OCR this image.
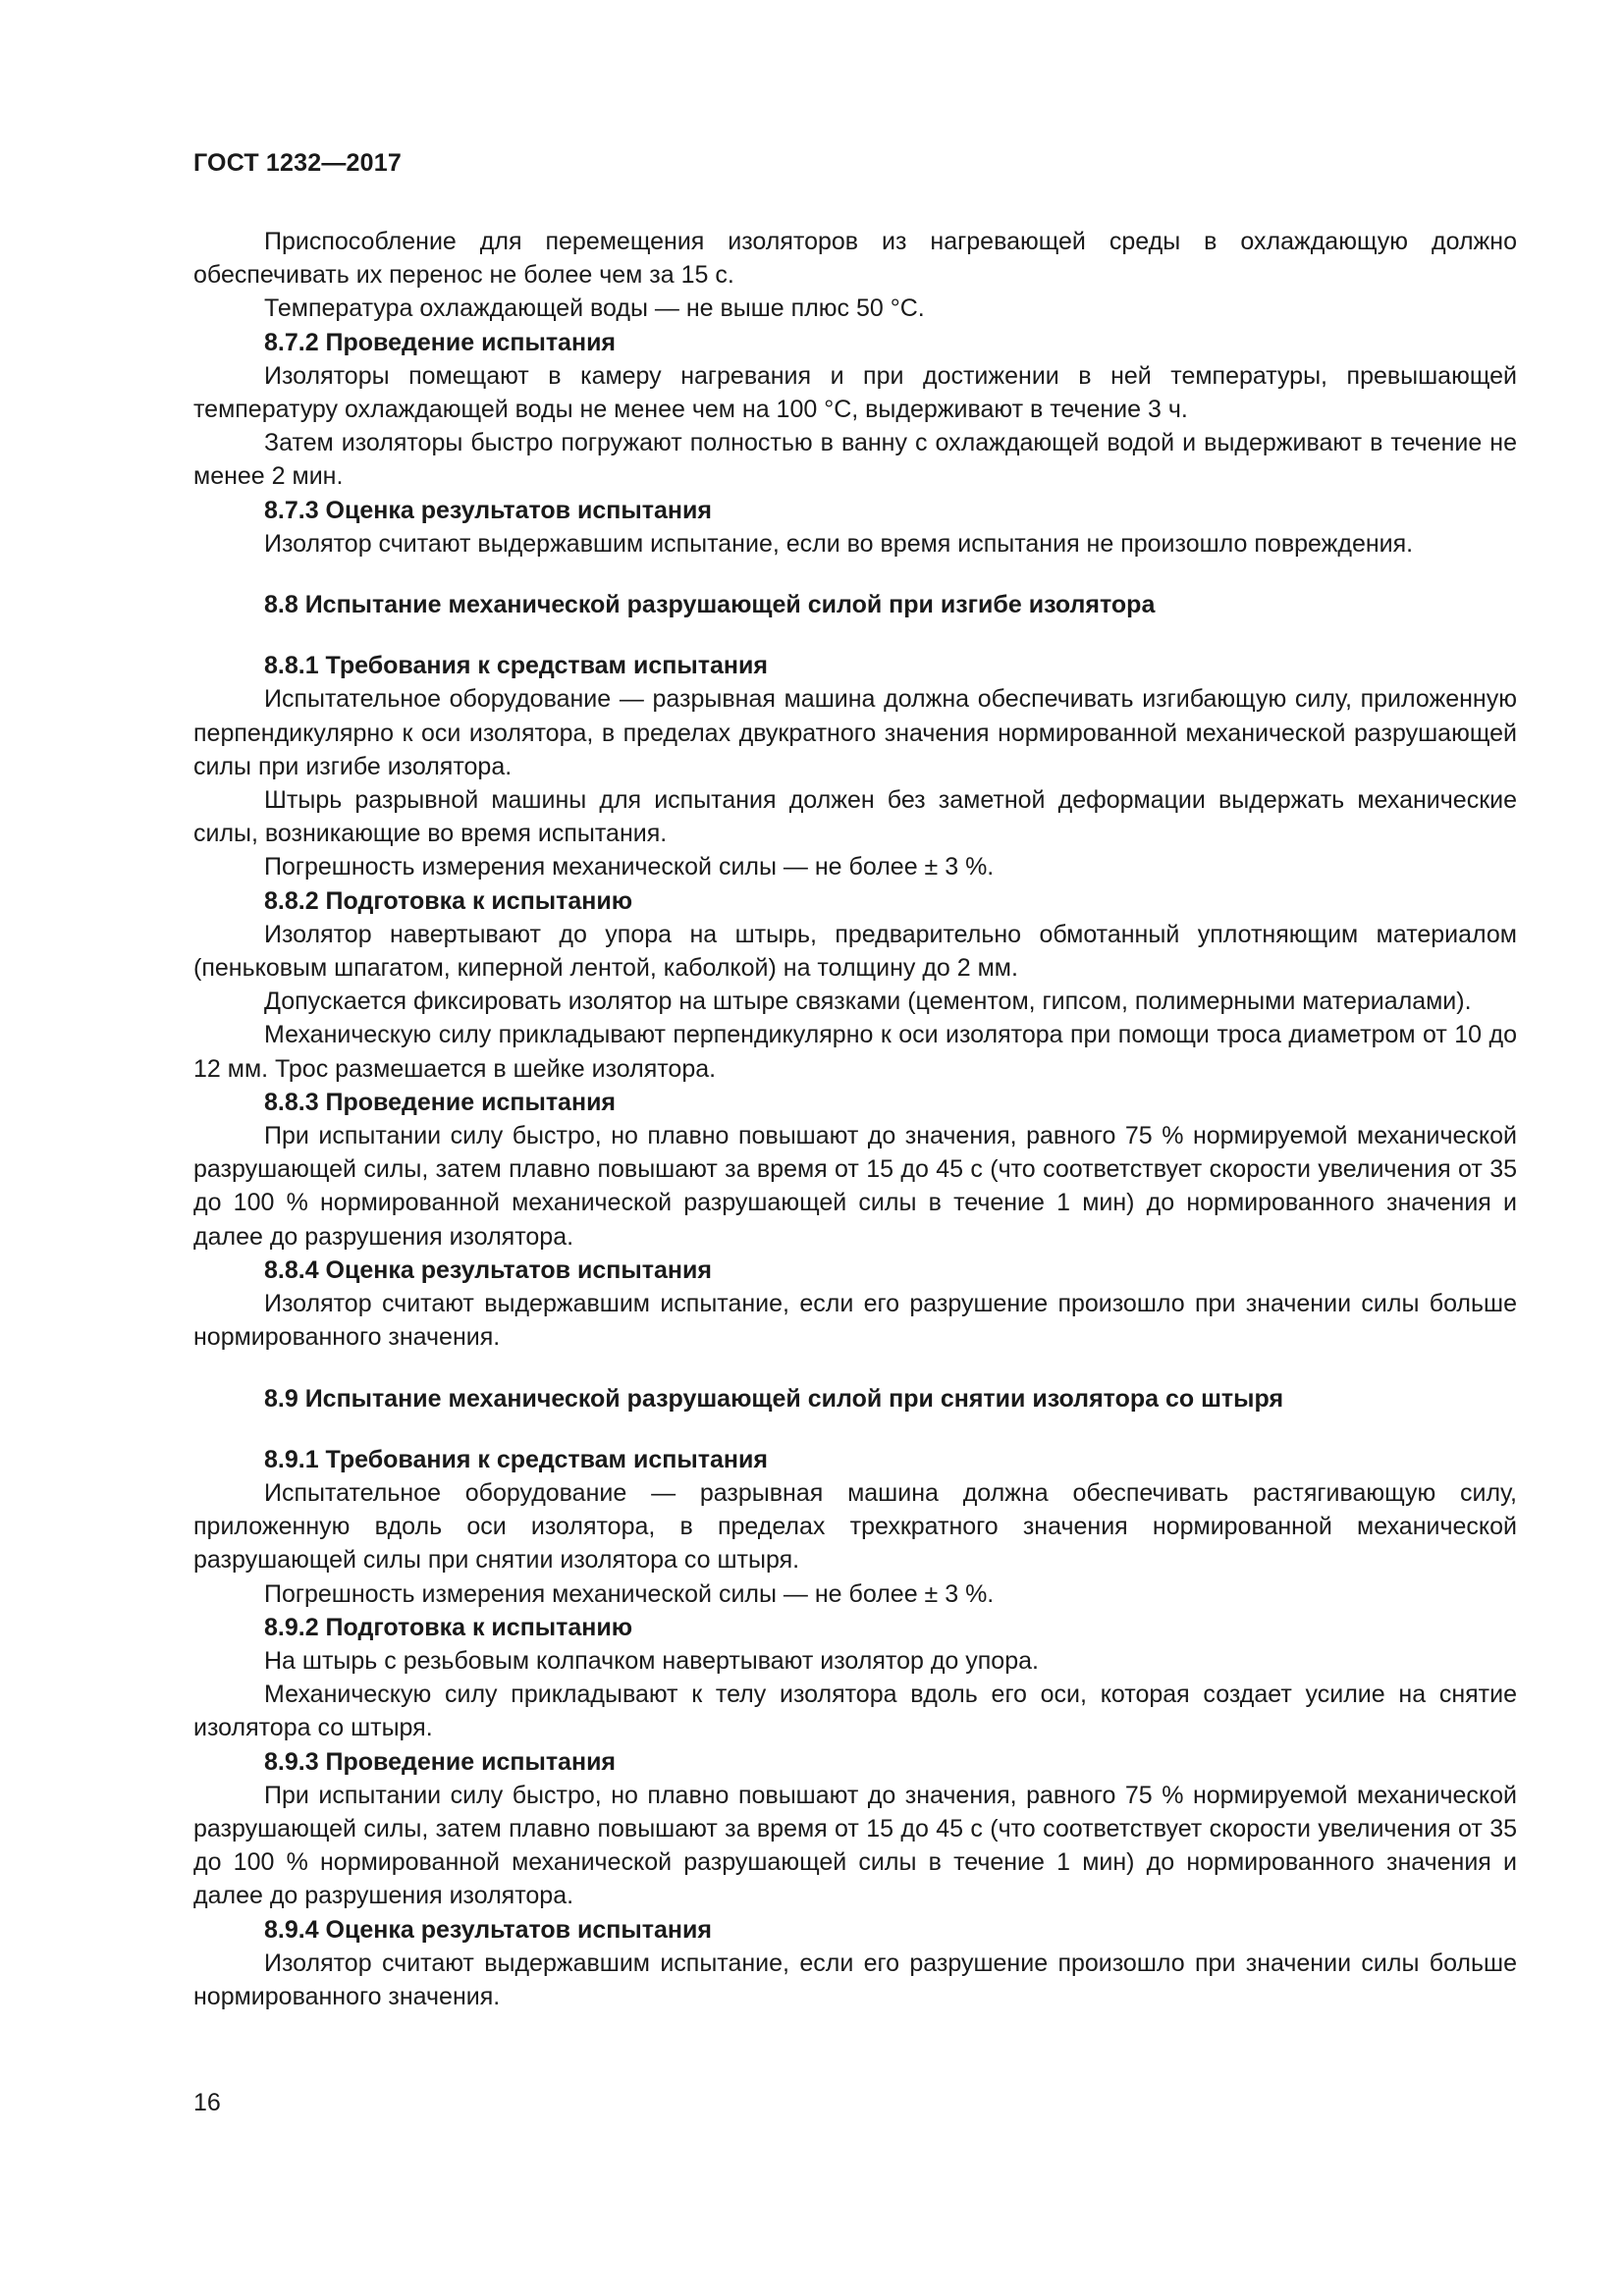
ГОСТ 1232—2017

Приспособление для перемещения изоляторов из нагревающей среды в охлаждающую должно обеспечивать их перенос не более чем за 15 с.

Температура охлаждающей воды — не выше плюс 50 °С.

8.7.2 Проведение испытания

Изоляторы помещают в камеру нагревания и при достижении в ней температуры, превышающей температуру охлаждающей воды не менее чем на 100 °С, выдерживают в течение 3 ч.

Затем изоляторы быстро погружают полностью в ванну с охлаждающей водой и выдерживают в течение не менее 2 мин.

8.7.3 Оценка результатов испытания

Изолятор считают выдержавшим испытание, если во время испытания не произошло повреждения.

8.8 Испытание механической разрушающей силой при изгибе изолятора

8.8.1 Требования к средствам испытания

Испытательное оборудование — разрывная машина должна обеспечивать изгибающую силу, приложенную перпендикулярно к оси изолятора, в пределах двукратного значения нормированной механической разрушающей силы при изгибе изолятора.

Штырь разрывной машины для испытания должен без заметной деформации выдержать механические силы, возникающие во время испытания.

Погрешность измерения механической силы — не более ± 3 %.

8.8.2 Подготовка к испытанию

Изолятор навертывают до упора на штырь, предварительно обмотанный уплотняющим материалом (пеньковым шпагатом, киперной лентой, каболкой) на толщину до 2 мм.

Допускается фиксировать изолятор на штыре связками (цементом, гипсом, полимерными материалами).

Механическую силу прикладывают перпендикулярно к оси изолятора при помощи троса диаметром от 10 до 12 мм. Трос размешается в шейке изолятора.

8.8.3 Проведение испытания

При испытании силу быстро, но плавно повышают до значения, равного 75 % нормируемой механической разрушающей силы, затем плавно повышают за время от 15 до 45 с (что соответствует скорости увеличения от 35 до 100 % нормированной механической разрушающей силы в течение 1 мин) до нормированного значения и далее до разрушения изолятора.

8.8.4 Оценка результатов испытания

Изолятор считают выдержавшим испытание, если его разрушение произошло при значении силы больше нормированного значения.

8.9 Испытание механической разрушающей силой при снятии изолятора со штыря

8.9.1 Требования к средствам испытания

Испытательное оборудование — разрывная машина должна обеспечивать растягивающую силу, приложенную вдоль оси изолятора, в пределах трехкратного значения нормированной механической разрушающей силы при снятии изолятора со штыря.

Погрешность измерения механической силы — не более ± 3 %.

8.9.2 Подготовка к испытанию

На штырь с резьбовым колпачком навертывают изолятор до упора.

Механическую силу прикладывают к телу изолятора вдоль его оси, которая создает усилие на снятие изолятора со штыря.

8.9.3 Проведение испытания

При испытании силу быстро, но плавно повышают до значения, равного 75 % нормируемой механической разрушающей силы, затем плавно повышают за время от 15 до 45 с (что соответствует скорости увеличения от 35 до 100 % нормированной механической разрушающей силы в течение 1 мин) до нормированного значения и далее до разрушения изолятора.

8.9.4 Оценка результатов испытания

Изолятор считают выдержавшим испытание, если его разрушение произошло при значении силы больше нормированного значения.

16
